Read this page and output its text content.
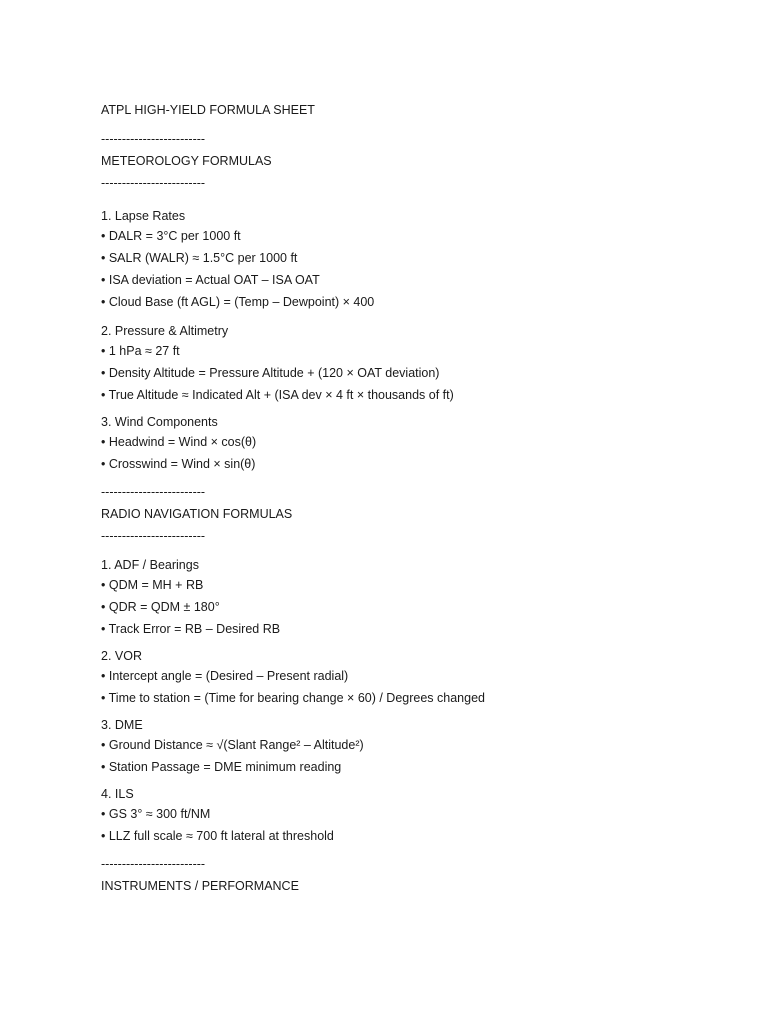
ATPL HIGH-YIELD FORMULA SHEET
-------------------------
METEOROLOGY FORMULAS
-------------------------
1. Lapse Rates
• DALR = 3°C per 1000 ft
• SALR (WALR) ≈ 1.5°C per 1000 ft
• ISA deviation = Actual OAT – ISA OAT
• Cloud Base (ft AGL) = (Temp – Dewpoint) × 400
2. Pressure & Altimetry
• 1 hPa ≈ 27 ft
• Density Altitude = Pressure Altitude + (120 × OAT deviation)
• True Altitude ≈ Indicated Alt + (ISA dev × 4 ft × thousands of ft)
3. Wind Components
• Headwind = Wind × cos(θ)
• Crosswind = Wind × sin(θ)
-------------------------
RADIO NAVIGATION FORMULAS
-------------------------
1. ADF / Bearings
• QDM = MH + RB
• QDR = QDM ± 180°
• Track Error = RB – Desired RB
2. VOR
• Intercept angle = (Desired – Present radial)
• Time to station = (Time for bearing change × 60) / Degrees changed
3. DME
• Ground Distance ≈ √(Slant Range² – Altitude²)
• Station Passage = DME minimum reading
4. ILS
• GS 3° ≈ 300 ft/NM
• LLZ full scale ≈ 700 ft lateral at threshold
-------------------------
INSTRUMENTS / PERFORMANCE
